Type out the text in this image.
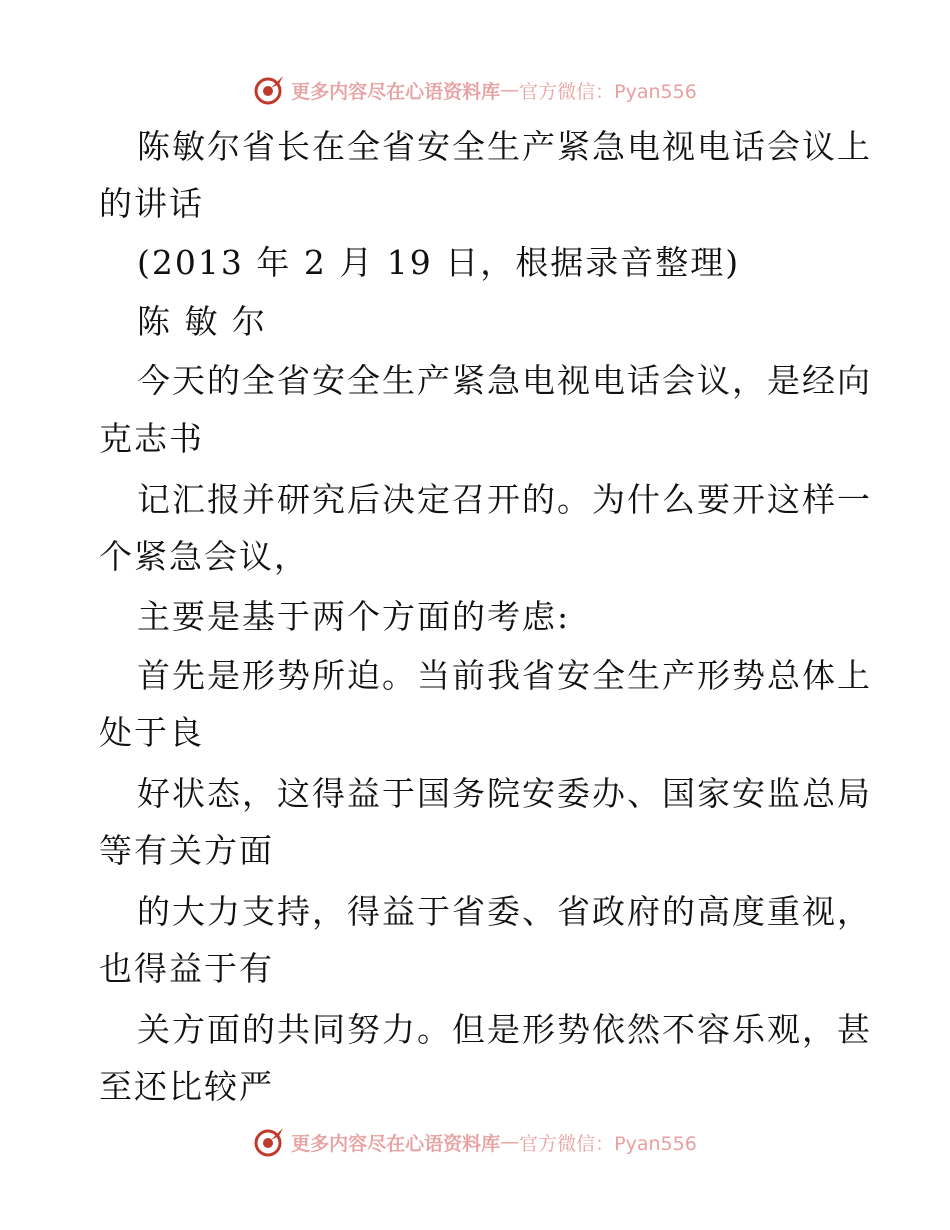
更多内容尽在心语资料库 — 官方微信：Pyan556
陈敏尔省长在全省安全生产紧急电视电话会议上
的讲话
(2013 年 2 月 19 日，根据录音整理)
陈 敏 尔
今天的全省安全生产紧急电视电话会议，是经向
克志书
记汇报并研究后决定召开的。为什么要开这样一
个紧急会议，
主要是基于两个方面的考虑:
首先是形势所迫。当前我省安全生产形势总体上
处于良
好状态，这得益于国务院安委办、国家安监总局
等有关方面
的大力支持，得益于省委、省政府的高度重视，
也得益于有
关方面的共同努力。但是形势依然不容乐观，甚
至还比较严
更多内容尽在心语资料库 — 官方微信：Pyan556
